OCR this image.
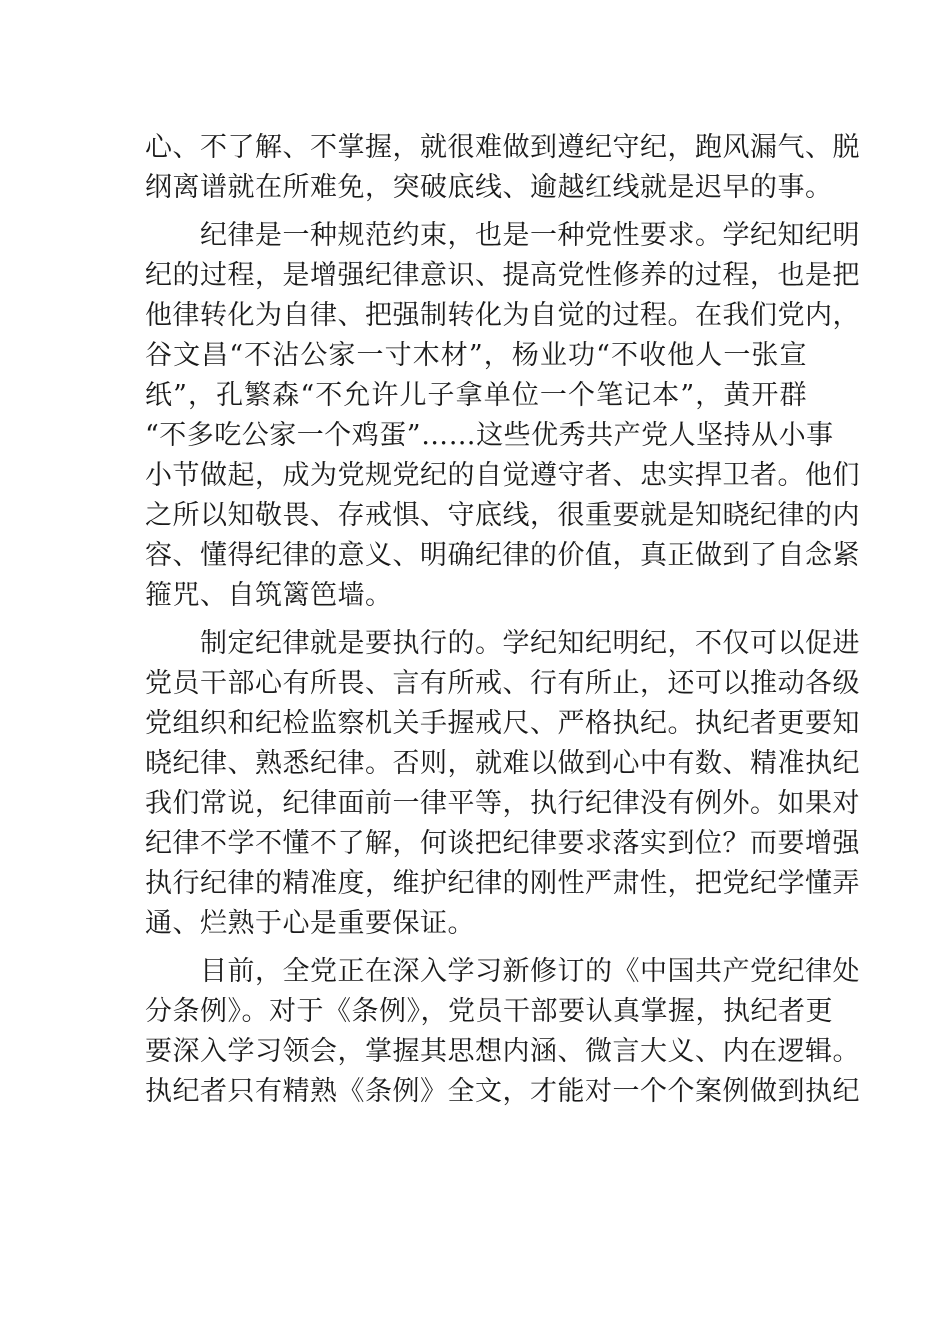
心、不了解、不掌握，就很难做到遵纪守纪，跑风漏气、脱
纲离谱就在所难免，突破底线、逾越红线就是迟早的事。
　　纪律是一种规范约束，也是一种党性要求。学纪知纪明
纪的过程，是增强纪律意识、提高党性修养的过程，也是把
他律转化为自律、把强制转化为自觉的过程。在我们党内，
谷文昌“不沾公家一寸木材”，杨业功“不收他人一张宣
纸”，孔繁森“不允许儿子拿单位一个笔记本”，黄开群
“不多吃公家一个鸡蛋”……这些优秀共产党人坚持从小事
小节做起，成为党规党纪的自觉遵守者、忠实捍卫者。他们
之所以知敬畏、存戒惧、守底线，很重要就是知晓纪律的内
容、懂得纪律的意义、明确纪律的价值，真正做到了自念紧
箍咒、自筑篱笆墙。
　　制定纪律就是要执行的。学纪知纪明纪，不仅可以促进
党员干部心有所畏、言有所戒、行有所止，还可以推动各级
党组织和纪检监察机关手握戒尺、严格执纪。执纪者更要知
晓纪律、熟悉纪律。否则，就难以做到心中有数、精准执纪
我们常说，纪律面前一律平等，执行纪律没有例外。如果对
纪律不学不懂不了解，何谈把纪律要求落实到位？而要增强
执行纪律的精准度，维护纪律的刚性严肃性，把党纪学懂弄
通、烂熟于心是重要保证。
　　目前，全党正在深入学习新修订的《中国共产党纪律处
分条例》。对于《条例》，党员干部要认真掌握，执纪者更
要深入学习领会，掌握其思想内涵、微言大义、内在逻辑。
执纪者只有精熟《条例》全文，才能对一个个案例做到执纪
